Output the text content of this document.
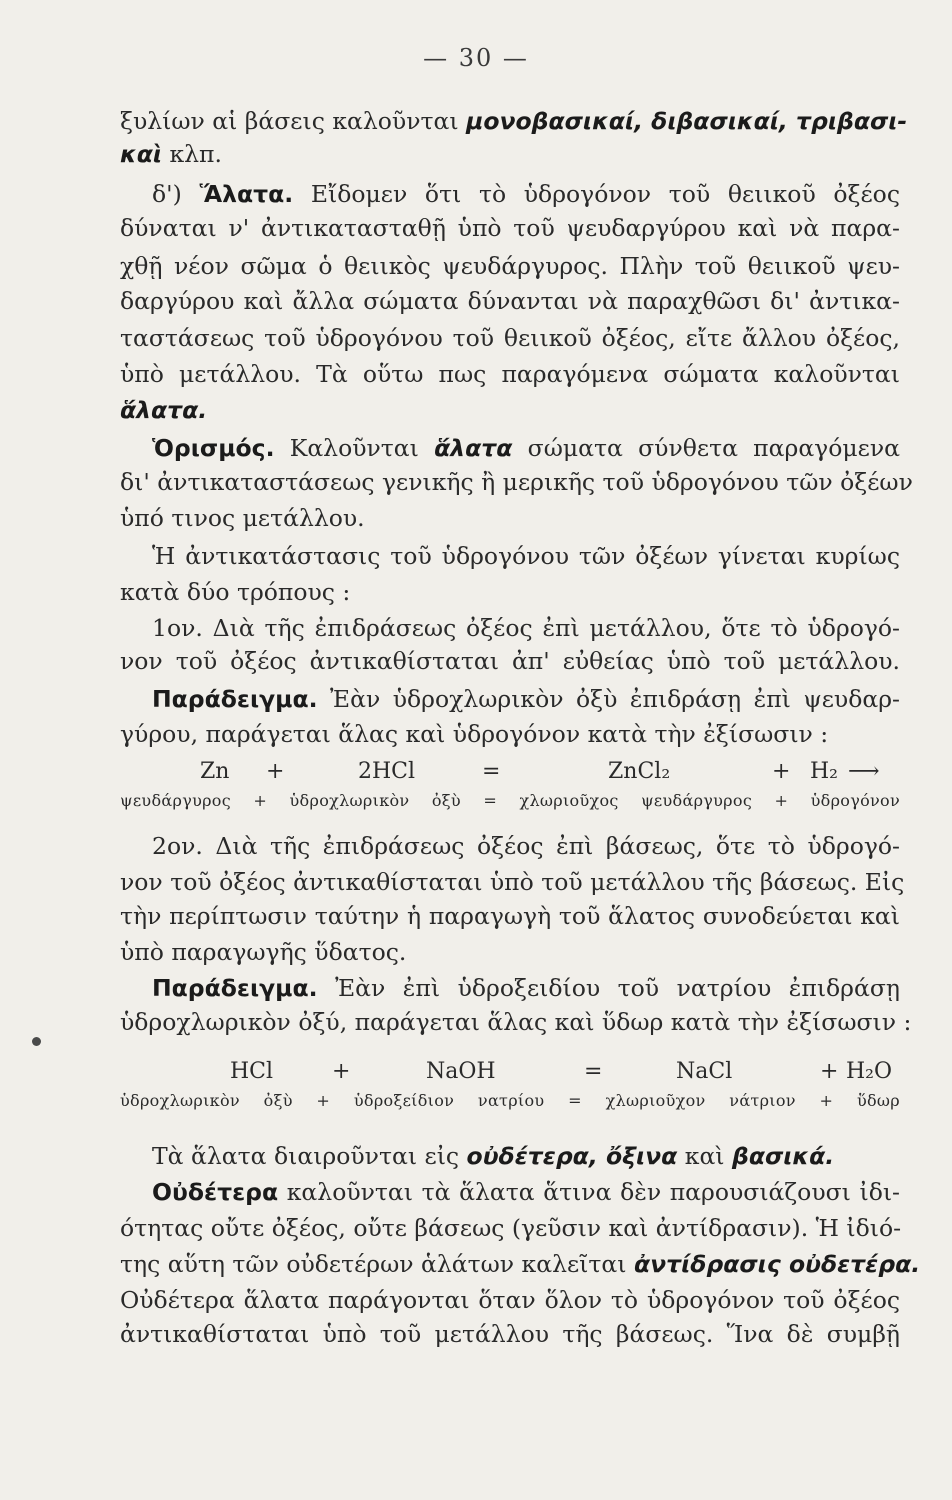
— 30 —
ξυλίων αἱ βάσεις καλοῦνται μονοβασικαί, διβασικαί, τριβασι-
καὶ κλπ.
δ') Ἅλατα. Εἴδομεν ὅτι τὸ ὑδρογόνον τοῦ θειικοῦ ὀξέος
δύναται ν' ἀντικατασταθῇ ὑπὸ τοῦ ψευδαργύρου καὶ νὰ παρα-
χθῇ νέον σῶμα ὁ θειικὸς ψευδάργυρος. Πλὴν τοῦ θειικοῦ ψευ-
δαργύρου καὶ ἄλλα σώματα δύνανται νὰ παραχθῶσι δι' ἀντικα-
ταστάσεως τοῦ ὑδρογόνου τοῦ θειικοῦ ὀξέος, εἴτε ἄλλου ὀξέος,
ὑπὸ μετάλλου. Τὰ οὕτω πως παραγόμενα σώματα καλοῦνται
ἅλατα.
Ὁρισμός. Καλοῦνται ἅλατα σώματα σύνθετα παραγόμενα
δι' ἀντικαταστάσεως γενικῆς ἢ μερικῆς τοῦ ὑδρογόνου τῶν ὀξέων
ὑπό τινος μετάλλου.
Ἡ ἀντικατάστασις τοῦ ὑδρογόνου τῶν ὀξέων γίνεται κυρίως
κατὰ δύο τρόπους :
1ον. Διὰ τῆς ἐπιδράσεως ὀξέος ἐπὶ μετάλλου, ὅτε τὸ ὑδρογό-
νον τοῦ ὀξέος ἀντικαθίσταται ἀπ' εὐθείας ὑπὸ τοῦ μετάλλου.
Παράδειγμα. Ἐὰν ὑδροχλωρικὸν ὀξὺ ἐπιδράσῃ ἐπὶ ψευδαρ-
γύρου, παράγεται ἅλας καὶ ὑδρογόνον κατὰ τὴν ἐξίσωσιν :
Zn +	2HCl	=	ZnCl₂	+ H₂ ⟶
ψευδάργυρος + ὑδροχλωρικὸν ὀξὺ = χλωριοῦχος ψευδάργυρος + ὑδρογόνον
2ον. Διὰ τῆς ἐπιδράσεως ὀξέος ἐπὶ βάσεως, ὅτε τὸ ὑδρογό-
νον τοῦ ὀξέος ἀντικαθίσταται ὑπὸ τοῦ μετάλλου τῆς βάσεως. Εἰς
τὴν περίπτωσιν ταύτην ἡ παραγωγὴ τοῦ ἅλατος συνοδεύεται καὶ
ὑπὸ παραγωγῆς ὕδατος.
Παράδειγμα. Ἐὰν ἐπὶ ὑδροξειδίου τοῦ νατρίου ἐπιδράσῃ
ὑδροχλωρικὸν ὀξύ, παράγεται ἅλας καὶ ὕδωρ κατὰ τὴν ἐξίσωσιν :
HCl	+	NaOH	=	NaCl	+ H₂O
ὑδροχλωρικὸν ὀξὺ + ὑδροξείδιον νατρίου = χλωριοῦχον νάτριον + ὕδωρ
Τὰ ἅλατα διαιροῦνται εἰς οὐδέτερα, ὄξινα καὶ βασικά.
Οὐδέτερα καλοῦνται τὰ ἅλατα ἅτινα δὲν παρουσιάζουσι ἰδι-
ότητας οὔτε ὀξέος, οὔτε βάσεως (γεῦσιν καὶ ἀντίδρασιν). Ἡ ἰδιό-
της αὕτη τῶν οὐδετέρων ἁλάτων καλεῖται ἀντίδρασις οὐδετέρα.
Οὐδέτερα ἅλατα παράγονται ὅταν ὅλον τὸ ὑδρογόνον τοῦ ὀξέος
ἀντικαθίσταται ὑπὸ τοῦ μετάλλου τῆς βάσεως. Ἵνα δὲ συμβῇ
